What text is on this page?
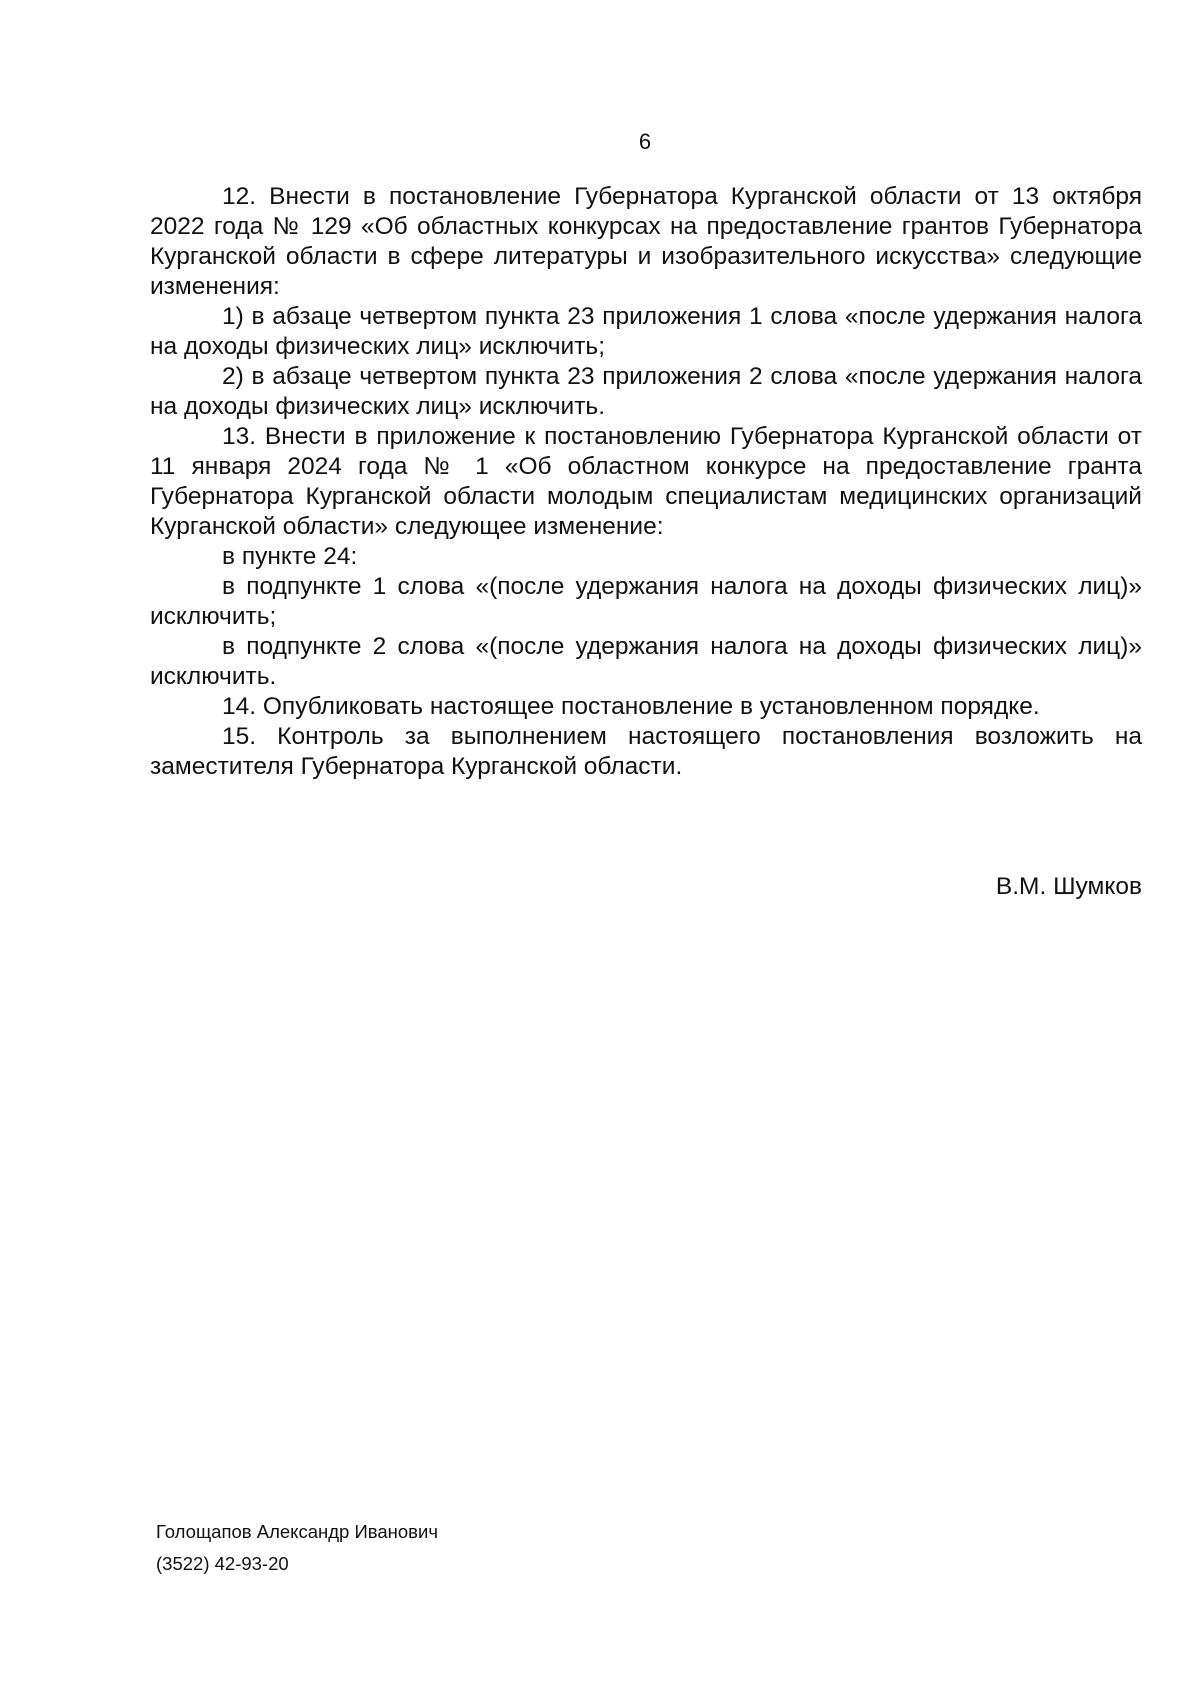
6

12. Внести в постановление Губернатора Курганской области от 13 октября 2022 года № 129 «Об областных конкурсах на предоставление грантов Губернатора Курганской области в сфере литературы и изобразительного искусства» следующие изменения:

1) в абзаце четвертом пункта 23 приложения 1 слова «после удержания налога на доходы физических лиц» исключить;

2) в абзаце четвертом пункта 23 приложения 2 слова «после удержания налога на доходы физических лиц» исключить.

13. Внести в приложение к постановлению Губернатора Курганской области от 11 января 2024 года № 1 «Об областном конкурсе на предоставление гранта Губернатора Курганской области молодым специалистам медицинских организаций Курганской области» следующее изменение:

в пункте 24:

в подпункте 1 слова «(после удержания налога на доходы физических лиц)» исключить;

в подпункте 2 слова «(после удержания налога на доходы физических лиц)» исключить.

14. Опубликовать настоящее постановление в установленном порядке.

15. Контроль за выполнением настоящего постановления возложить на заместителя Губернатора Курганской области.

В.М. Шумков
Голощапов Александр Иванович
(3522) 42-93-20
